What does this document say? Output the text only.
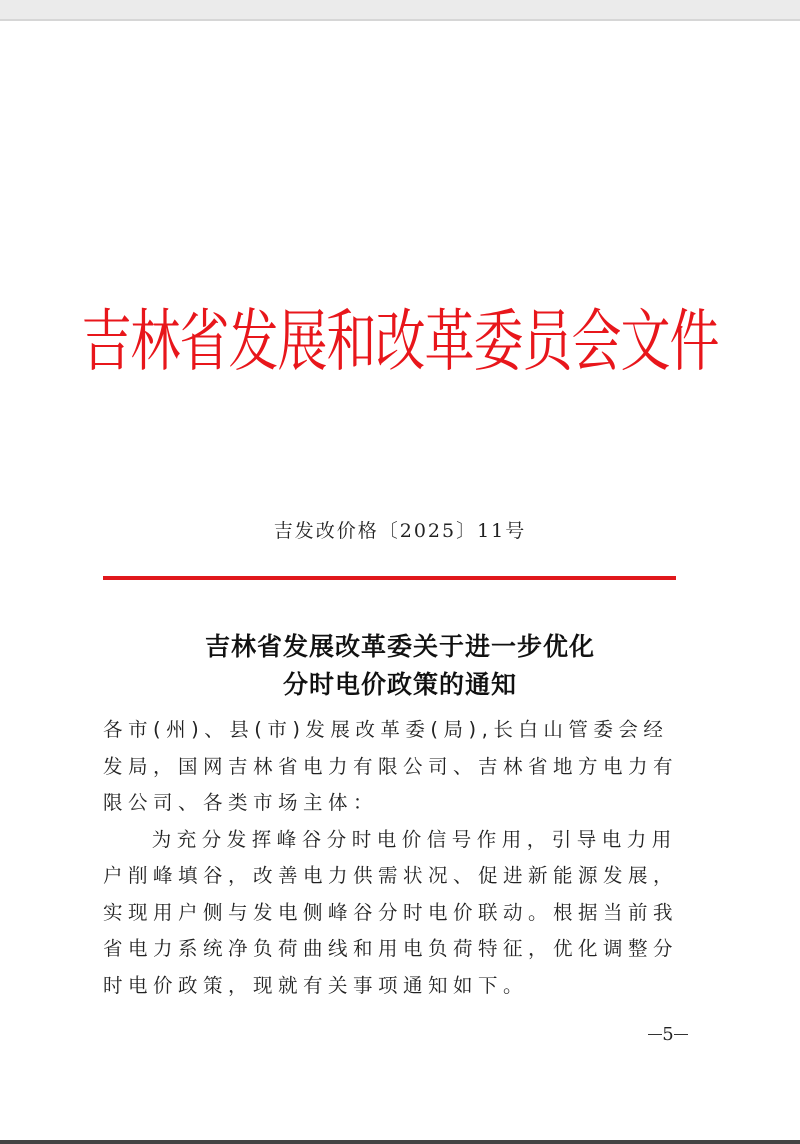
吉林省发展和改革委员会文件
吉发改价格〔2025〕11号
吉林省发展改革委关于进一步优化
分时电价政策的通知

各市(州)、县(市)发展改革委(局),长白山管委会经发局，国网吉林省电力有限公司、吉林省地方电力有限公司、各类市场主体：

为充分发挥峰谷分时电价信号作用，引导电力用户削峰填谷，改善电力供需状况、促进新能源发展，实现用户侧与发电侧峰谷分时电价联动。根据当前我省电力系统净负荷曲线和用电负荷特征，优化调整分时电价政策，现就有关事项通知如下。

5
